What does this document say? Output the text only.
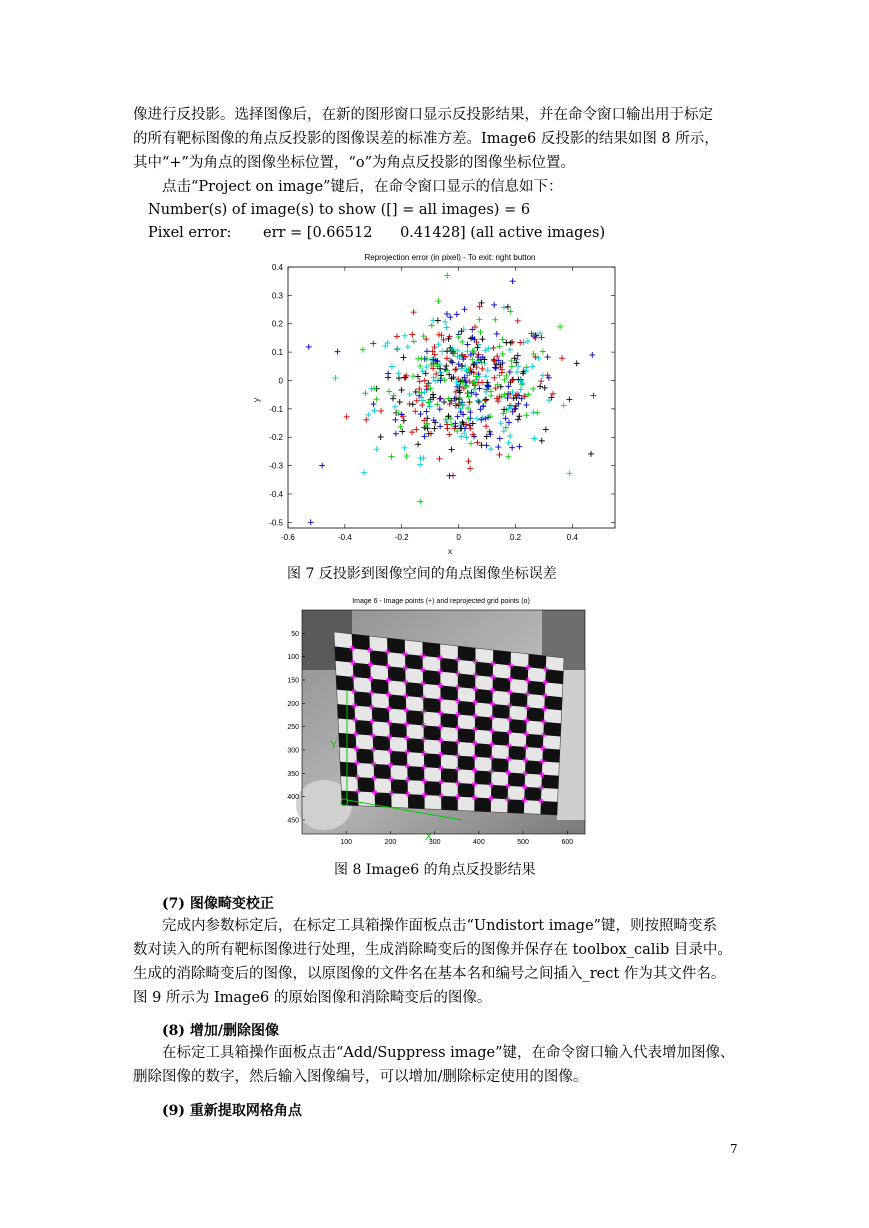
像进行反投影。选择图像后，在新的图形窗口显示反投影结果，并在命令窗口输出用于标定
的所有靶标图像的角点反投影的图像误差的标准方差。Image6 反投影的结果如图 8 所示，
其中“+”为角点的图像坐标位置，“o”为角点反投影的图像坐标位置。
点击“Project on image”键后，在命令窗口显示的信息如下：
Number(s) of image(s) to show ([] = all images) = 6
Pixel error: err = [0.66512      0.41428] (all active images)
Reprojection error (in pixel) - To exit: right button
-0.6	-0.4	-0.2	0	0.2	0.4
0.4
0.3
0.2
0.1
0
-0.1
-0.2
-0.3
-0.4
-0.5
x
y
图 7 反投影到图像空间的角点图像坐标误差
Image 6 - Image points (+) and reprojected grid points (o)
O
X
Y
100	200	300	400	500	600
50
100
150
200
250
300
350
400
450
图 8 Image6 的角点反投影结果
(7) 图像畸变校正
完成内参数标定后，在标定工具箱操作面板点击“Undistort image”键，则按照畸变系
数对读入的所有靶标图像进行处理，生成消除畸变后的图像并保存在 toolbox_calib 目录中。
生成的消除畸变后的图像，以原图像的文件名在基本名和编号之间插入_rect 作为其文件名。
图 9 所示为 Image6 的原始图像和消除畸变后的图像。
(8) 增加/删除图像
在标定工具箱操作面板点击“Add/Suppress image”键，在命令窗口输入代表增加图像、
删除图像的数字，然后输入图像编号，可以增加/删除标定使用的图像。
(9) 重新提取网格角点
7
